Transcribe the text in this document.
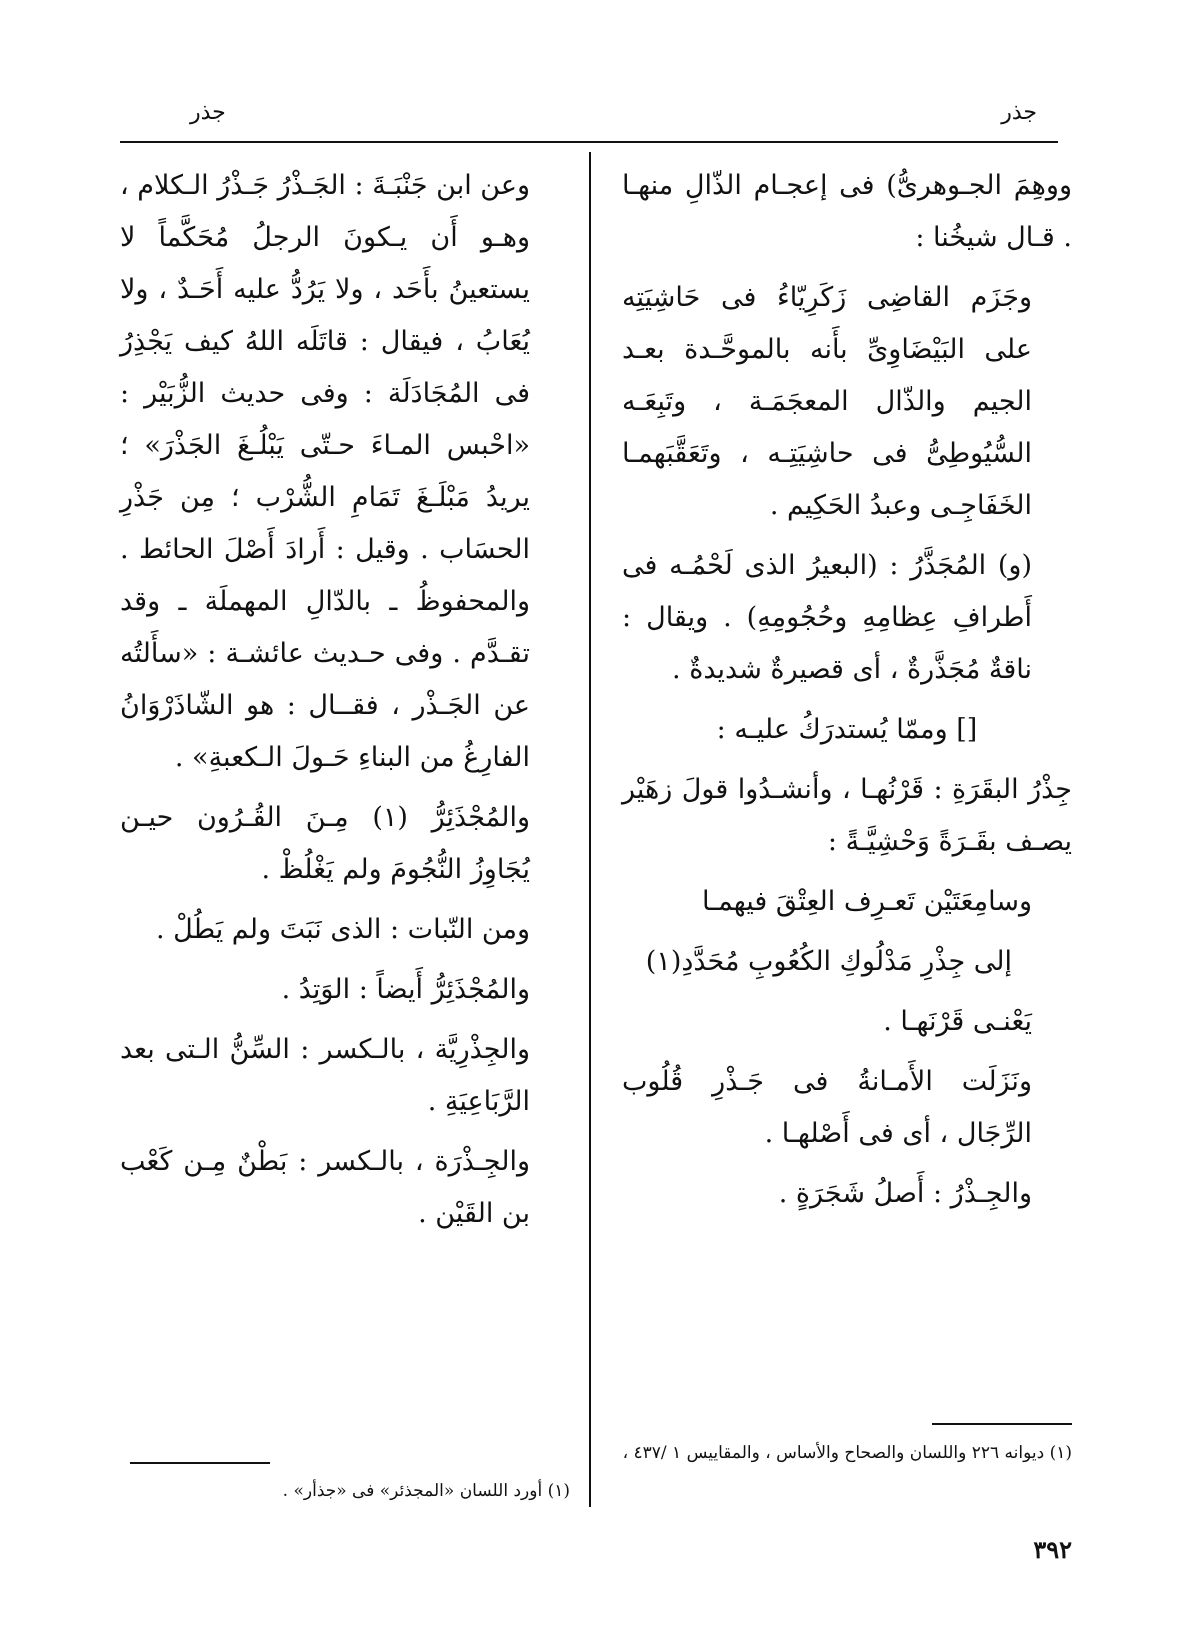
جذر
جذر

ووهِمَ الجـوهرىُّ) فى إعجـام الذّالِ منهـا . قـال شيخُنا :

وجَزَم القاضِى زَكَرِيّاءُ فى حَاشِيَتِه على البَيْضَاوِىِّ بأَنه بالموحَّـدة بعـد الجيم والذّال المعجَمَـة ، وتَبِعَـه السُّيُوطِىُّ فى حاشِيَتِـه ، وتَعَقَّبَهمـا الخَفَاجِـى وعبدُ الحَكِيم .

(و) المُجَذَّرُ : (البعيرُ الذى لَحْمُـه فى أَطرافِ عِظامِهِ وحُجُومِهِ) . ويقال : ناقةٌ مُجَذَّرةٌ ، أى قصيرةٌ شديدةٌ .

[] وممّا يُستدرَكُ عليـه :

جِذْرُ البقَرَةِ : قَرْنُهـا ، وأنشـدُوا قولَ زهَيْر يصـف بقَـرَةً وَحْشِيَّـةً :

وسامِعَتَيْن تَعـرِف العِتْقَ فيهمـا

إلى جِذْرِ مَدْلُوكِ الكُعُوبِ مُحَدَّدِ(١)

يَعْنـى قَرْنَهـا .

ونَزَلَت الأَمـانةُ فى جَـذْرِ قُلُوب الرِّجَال ، أى فى أَصْلهـا .

والجِـذْرُ : أَصلُ شَجَرَةٍ .

وعن ابن جَنْبَـةَ : الجَـذْرُ جَـذْرُ الـكلام ، وهـو أَن يـكونَ الرجلُ مُحَكَّماً لا يستعينُ بأَحَد ، ولا يَرُدُّ عليه أَحَـدٌ ، ولا يُعَابُ ، فيقال : قاتَلَه اللهُ كيف يَجْذِرُ فى المُجَادَلَة : وفى حديث الزُّبَيْر : «احْبس المـاءَ حـتّى يَبْلُـغَ الجَذْرَ» ؛ يريدُ مَبْلَـغَ تَمَامِ الشُّرْب ؛ مِن جَذْرِ الحسَاب . وقيل : أَرادَ أَصْلَ الحائط . والمحفوظُ ـ بالدّالِ المهملَة ـ وقد تقـدَّم . وفى حـديث عائشـة : «سأَلتُه عن الجَـذْر ، فقــال : هو الشّاذَرْوَانُ الفارِغُ من البناءِ حَـولَ الـكعبةِ» .

والمُجْذَئِرُّ (١) مِـنَ القُـرُون حيـن يُجَاوِزُ النُّجُومَ ولم يَغْلُظْ .

ومن النّبات : الذى نَبَتَ ولم يَطُلْ .

والمُجْذَئِرُّ أَيضاً : الوَتِدُ .

والجِذْرِيَّة ، بالـكسر : السِّنُّ الـتى بعد الرَّبَاعِيَةِ .

والجِـذْرَة ، بالـكسر : بَطْنٌ مِـن كَعْب بن القَيْن .

(١) ديوانه ٢٢٦ واللسان والصحاح والأساس ، والمقاييس ١ /٤٣٧ ،
(١) أورد اللسان «المجذئر» فى «جذأر» .
٣٩٢
